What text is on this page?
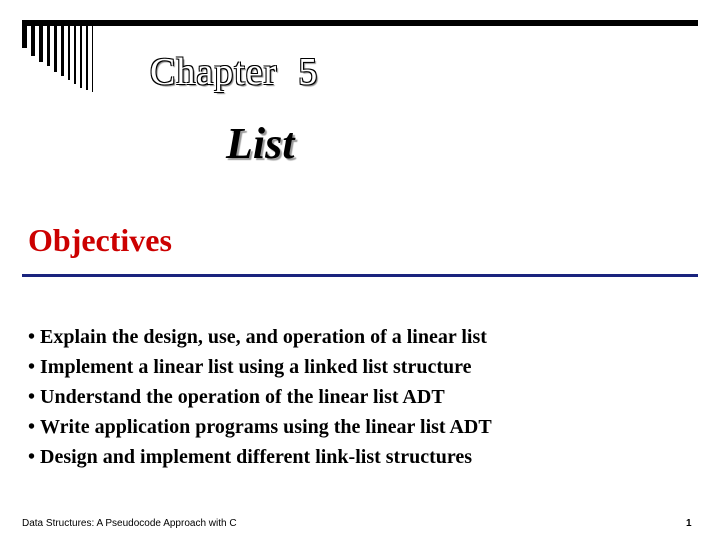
Chapter  5
List
Objectives
• Explain the design, use, and operation of a linear list
• Implement a linear list using a linked list structure
• Understand the operation of the linear list ADT
• Write application programs using the linear list ADT
• Design and implement different link-list structures
Data Structures: A Pseudocode Approach with C	1
